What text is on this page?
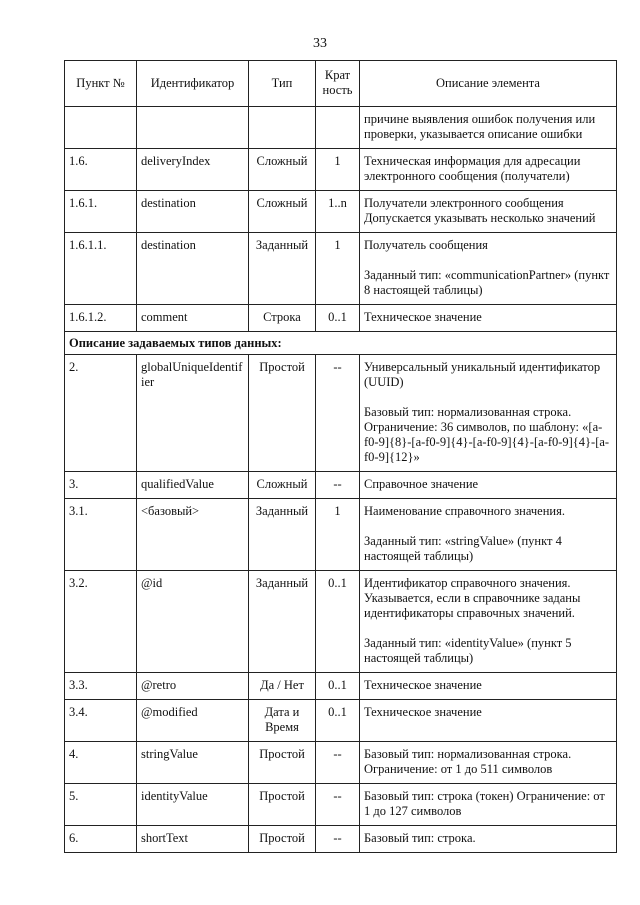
33
Пункт №	Идентификатор	Тип	Крат ность	Описание элемента

				причине выявления ошибок получения или проверки, указывается описание ошибки

1.6.	deliveryIndex	Сложный	1	Техническая информация для адресации электронного сообщения (получатели)

1.6.1.	destination	Сложный	1..n	Получатели электронного сообщения Допускается указывать несколько значений

1.6.1.1.	destination	Заданный	1	Получатель сообщения

Заданный тип: «communicationPartner» (пункт 8 настоящей таблицы)

1.6.1.2.	comment	Строка	0..1	Техническое значение

Описание задаваемых типов данных:				
2.	globalUniqueIdentifier	Простой	--	Универсальный уникальный идентификатор (UUID)

Базовый тип: нормализованная строка. Ограничение: 36 символов, по шаблону: «[a-f0-9]{8}-[a-f0-9]{4}-[a-f0-9]{4}-[a-f0-9]{4}-[a-f0-9]{12}»

3.	qualifiedValue	Сложный	--	Справочное значение

3.1.	<базовый>	Заданный	1	Наименование справочного значения.

Заданный тип: «stringValue» (пункт 4 настоящей таблицы)

3.2.	@id	Заданный	0..1	Идентификатор справочного значения. Указывается, если в справочнике заданы идентификаторы справочных значений.

Заданный тип: «identityValue» (пункт 5 настоящей таблицы)

3.3.	@retro	Да / Нет	0..1	Техническое значение

3.4.	@modified	Дата и Время	0..1	Техническое значение

4.	stringValue	Простой	--	Базовый тип: нормализованная строка. Ограничение: от 1 до 511 символов

5.	identityValue	Простой	--	Базовый тип: строка (токен) Ограничение: от 1 до 127 символов

6.	shortText	Простой	--	Базовый тип: строка.
